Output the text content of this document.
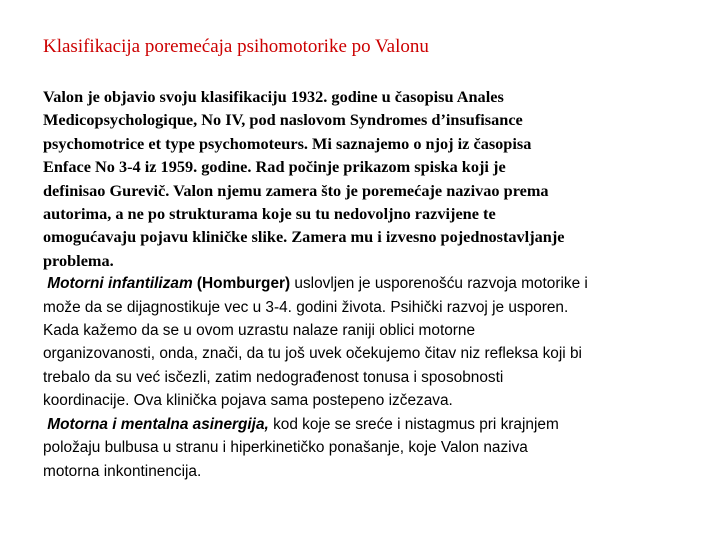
Klasifikacija poremećaja psihomotorike po Valonu

Valon je objavio svoju klasifikaciju 1932. godine u časopisu Anales
Medicopsychologique, No IV, pod naslovom Syndromes d’insufisance
psychomotrice et type psychomoteurs. Mi saznajemo o njoj iz časopisa
Enface No 3-4 iz 1959. godine. Rad počinje prikazom spiska koji je
definisao Gurevič. Valon njemu zamera što je poremećaje nazivao prema
autorima, a ne po strukturama koje su tu nedovoljno razvijene te
omogućavaju pojavu kliničke slike. Zamera mu i izvesno pojednostavljanje
problema.

Motorni infantilizam (Homburger) uslovljen je usporenošću razvoja motorike i
može da se dijagnostikuje vec u 3-4. godini života. Psihički razvoj je usporen.
Kada kažemo da se u ovom uzrastu nalaze raniji oblici motorne
organizovanosti, onda, znači, da tu još uvek očekujemo čitav niz refleksa koji bi
trebalo da su već isčezli, zatim nedograđenost tonusa i sposobnosti
koordinacije. Ova klinička pojava sama postepeno izčezava.

Motorna i mentalna asinergija, kod koje se sreće i nistagmus pri krajnjem
položaju bulbusa u stranu i hiperkinetičko ponašanje, koje Valon naziva
motorna inkontinencija.
